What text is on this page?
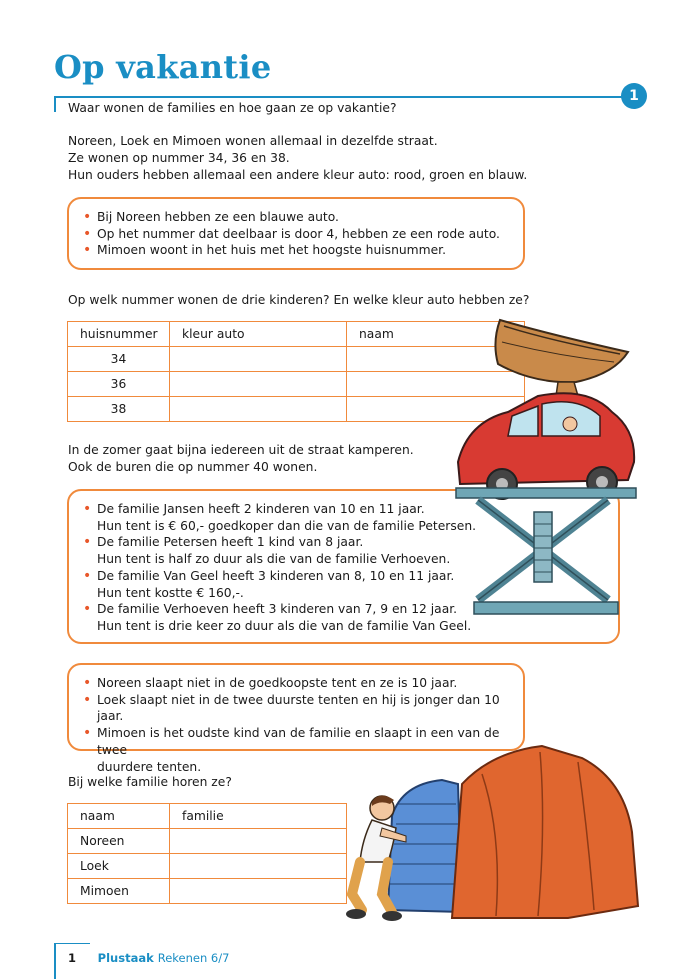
Op vakantie
1

Waar wonen de families en hoe gaan ze op vakantie?

Noreen, Loek en Mimoen wonen allemaal in dezelfde straat.

Ze wonen op nummer 34, 36 en 38.

Hun ouders hebben allemaal een andere kleur auto: rood, groen en blauw.

• Bij Noreen hebben ze een blauwe auto.
• Op het nummer dat deelbaar is door 4, hebben ze een rode auto.
• Mimoen woont in het huis met het hoogste huisnummer.

Op welk nummer wonen de drie kinderen? En welke kleur auto hebben ze?

huisnummer	kleur auto	naam
34		
36		
38		

In de zomer gaat bijna iedereen uit de straat kamperen.

Ook de buren die op nummer 40 wonen.

• De familie Jansen heeft 2 kinderen van 10 en 11 jaar.
Hun tent is € 60,- goedkoper dan die van de familie Petersen.
• De familie Petersen heeft 1 kind van 8 jaar.
Hun tent is half zo duur als die van de familie Verhoeven.
• De familie Van Geel heeft 3 kinderen van 8, 10 en 11 jaar.
Hun tent kostte € 160,-.
• De familie Verhoeven heeft 3 kinderen van 7, 9 en 12 jaar.
Hun tent is drie keer zo duur als die van de familie Van Geel.
• Noreen slaapt niet in de goedkoopste tent en ze is 10 jaar.
• Loek slaapt niet in de twee duurste tenten en hij is jonger dan 10 jaar.
• Mimoen is het oudste kind van de familie en slaapt in een van de twee
duurdere tenten.

Bij welke familie horen ze?

naam	familie
Noreen	
Loek	
Mimoen	
1 Plustaak Rekenen 6/7
